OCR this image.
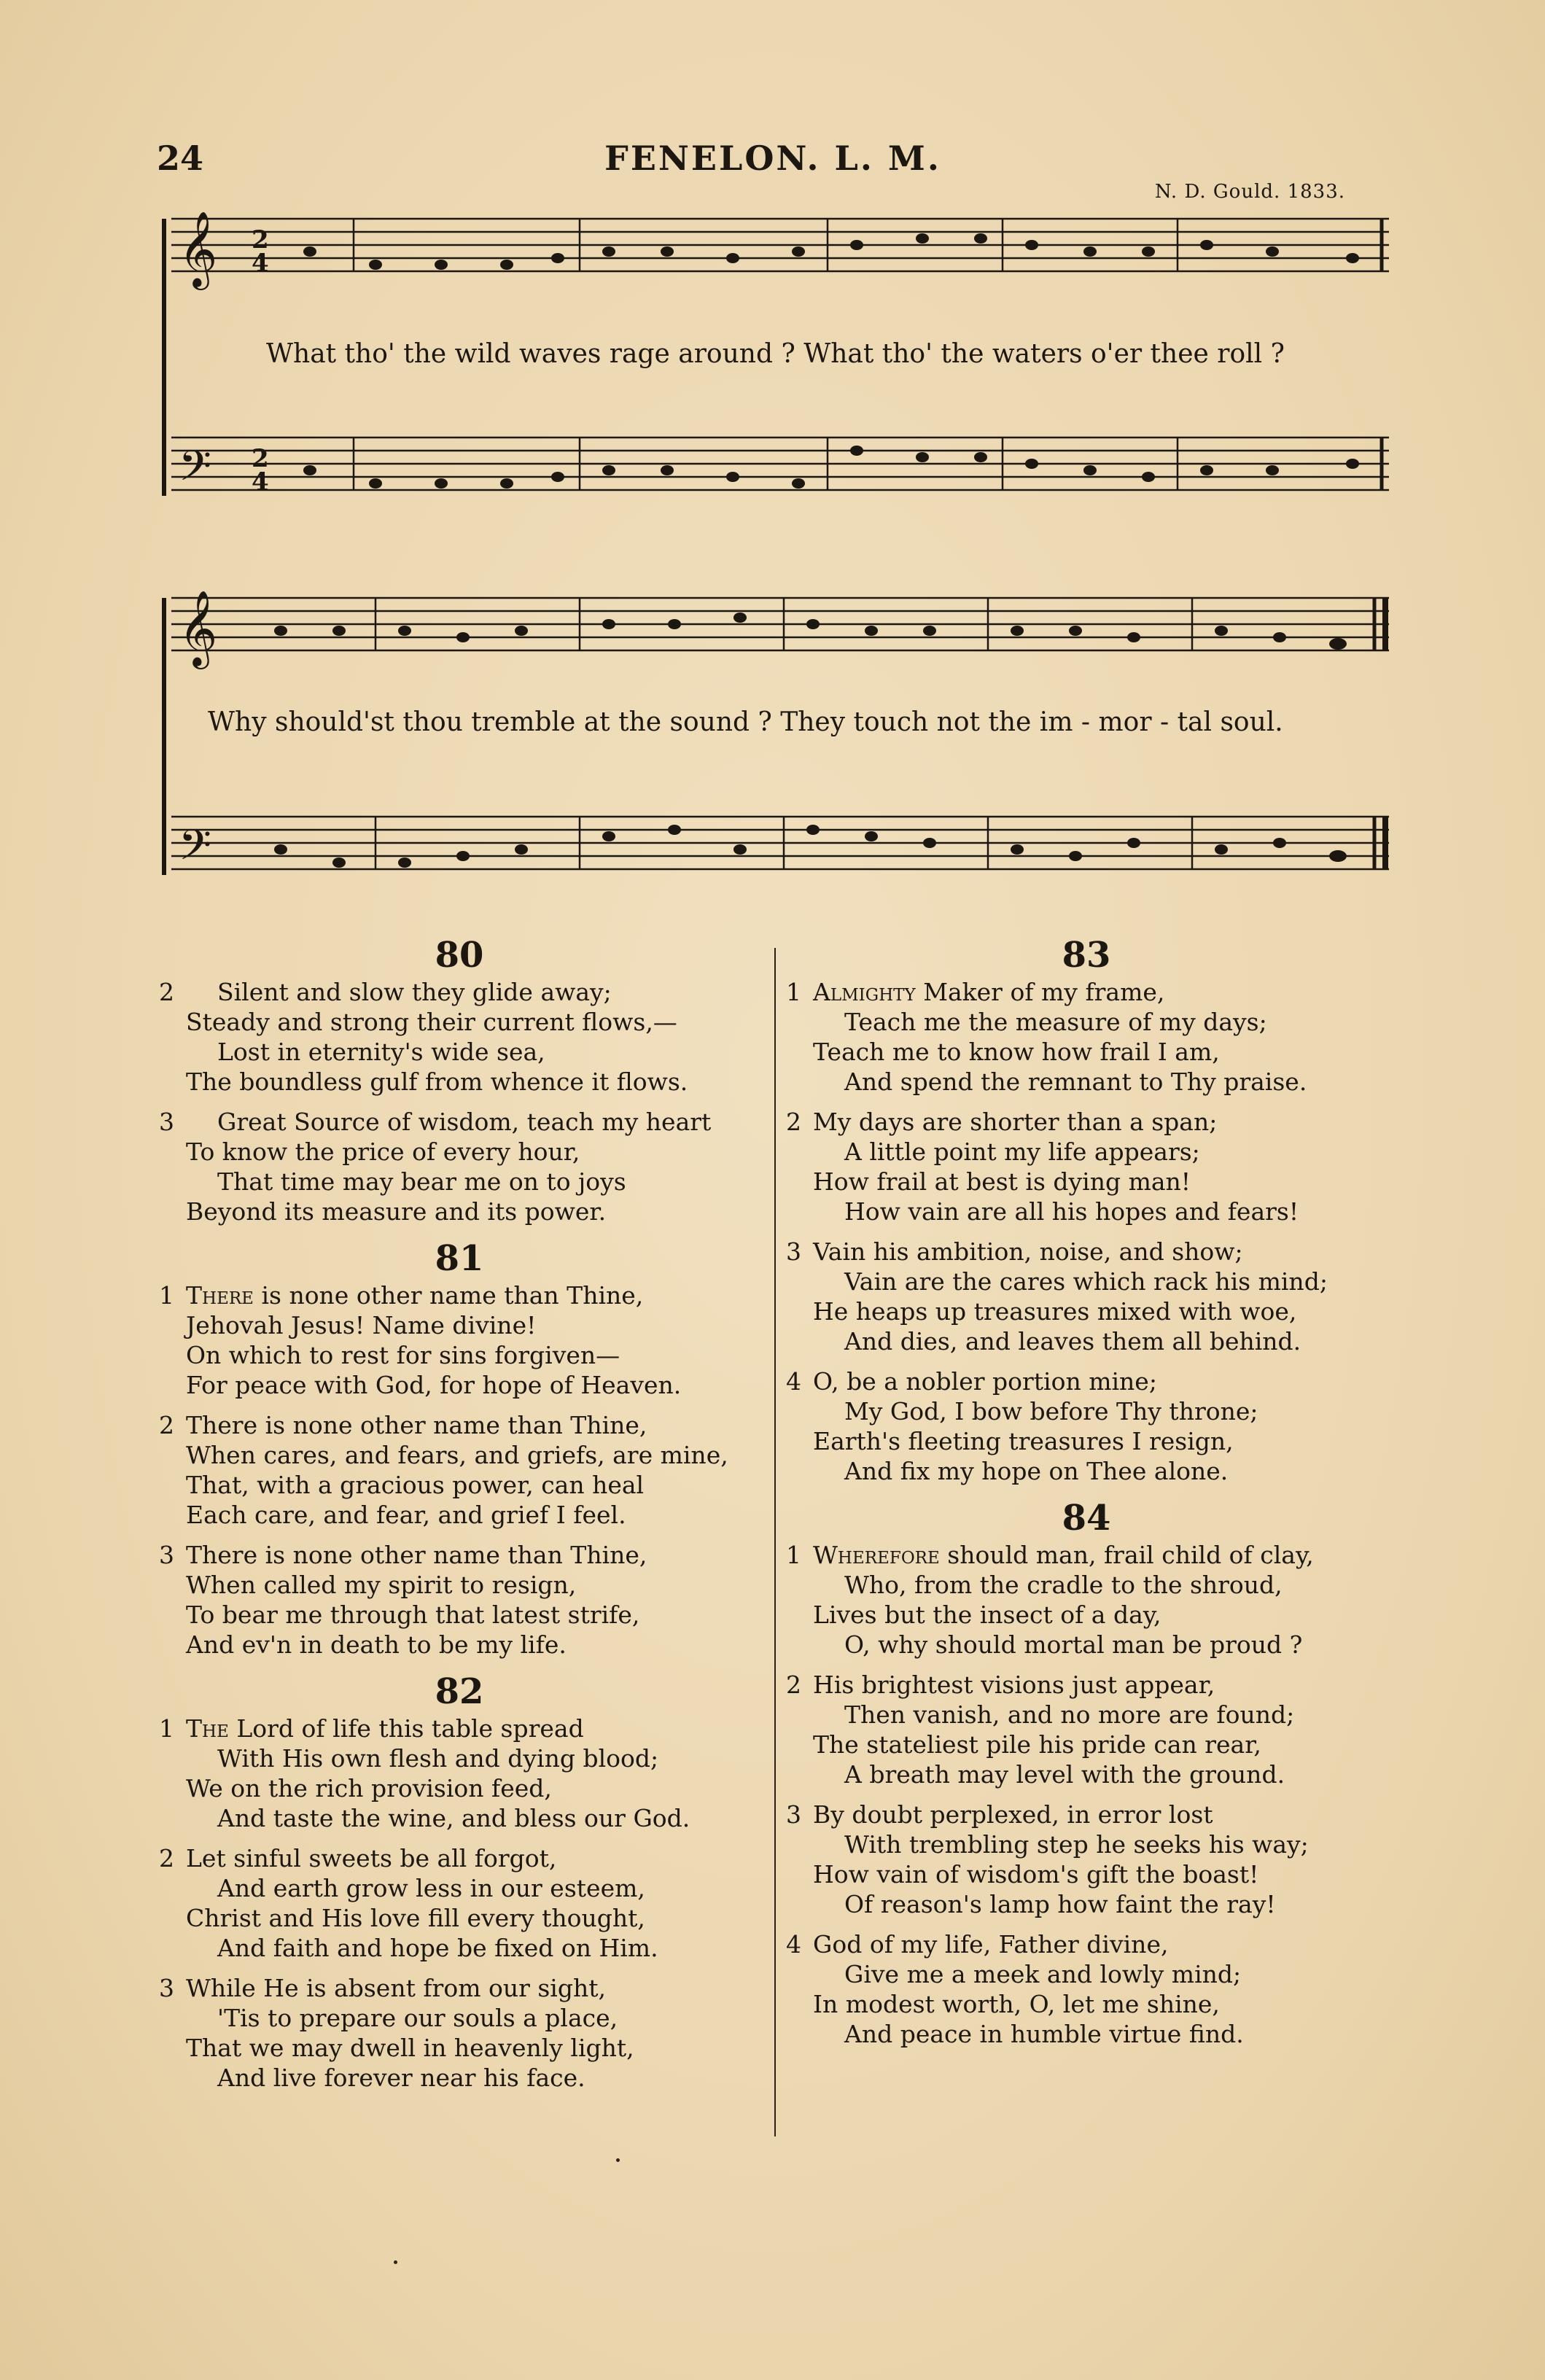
24	FENELON. L. M.
N. D. Gould. 1833.
𝄞
𝄢
2
4
2
4
What tho' the wild waves rage around ? What tho' the waters o'er thee roll ?
𝄞
𝄢
Why should'st thou tremble at the sound ? They touch not the im - mor - tal soul.
80
2	Silent and slow they glide away;
Steady and strong their current flows,—
Lost in eternity's wide sea,
The boundless gulf from whence it flows.
3	Great Source of wisdom, teach my heart
To know the price of every hour,
That time may bear me on to joys
Beyond its measure and its power.
81
1 There is none other name than Thine,
Jehovah Jesus! Name divine!
On which to rest for sins forgiven—
For peace with God, for hope of Heaven.
2 There is none other name than Thine,
When cares, and fears, and griefs, are mine,
That, with a gracious power, can heal
Each care, and fear, and grief I feel.
3 There is none other name than Thine,
When called my spirit to resign,
To bear me through that latest strife,
And ev'n in death to be my life.
82
1 The Lord of life this table spread
With His own flesh and dying blood;
We on the rich provision feed,
And taste the wine, and bless our God.
2 Let sinful sweets be all forgot,
And earth grow less in our esteem,
Christ and His love fill every thought,
And faith and hope be fixed on Him.
3 While He is absent from our sight,
'Tis to prepare our souls a place,
That we may dwell in heavenly light,
And live forever near his face.
83
1 Almighty Maker of my frame,
Teach me the measure of my days;
Teach me to know how frail I am,
And spend the remnant to Thy praise.
2 My days are shorter than a span;
A little point my life appears;
How frail at best is dying man!
How vain are all his hopes and fears!
3 Vain his ambition, noise, and show;
Vain are the cares which rack his mind;
He heaps up treasures mixed with woe,
And dies, and leaves them all behind.
4 O, be a nobler portion mine;
My God, I bow before Thy throne;
Earth's fleeting treasures I resign,
And fix my hope on Thee alone.
84
1 Wherefore should man, frail child of clay,
Who, from the cradle to the shroud,
Lives but the insect of a day,
O, why should mortal man be proud ?
2 His brightest visions just appear,
Then vanish, and no more are found;
The stateliest pile his pride can rear,
A breath may level with the ground.
3 By doubt perplexed, in error lost
With trembling step he seeks his way;
How vain of wisdom's gift the boast!
Of reason's lamp how faint the ray!
4 God of my life, Father divine,
Give me a meek and lowly mind;
In modest worth, O, let me shine,
And peace in humble virtue find.
